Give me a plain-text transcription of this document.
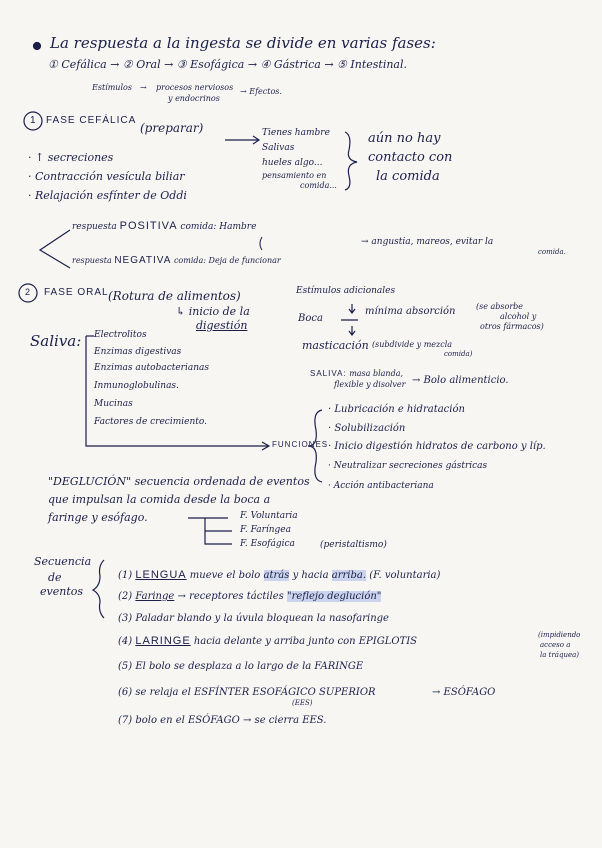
La respuesta a la ingesta se divide en varias fases:
① Cefálica → ② Oral → ③ Esofágica → ④ Gástrica → ⑤ Intestinal.
Estímulos → procesos nerviosos
y endocrinos
→ Efectos.
1 FASE CEFÁLICA
(preparar)	Tienes hambre
Salivas
hueles algo...
pensamiento en
comida...
aún no hay
contacto con
la comida
· ↑ secreciones
· Contracción vesícula biliar
· Relajación esfínter de Oddi
respuesta POSITIVA comida: Hambre
respuesta NEGATIVA comida: Deja de funcionar
→ angustia, mareos, evitar la
comida.
2 FASE ORAL (Rotura de alimentos)
↳ inicio de la
digestión
Estímulos adicionales
Boca
mínima absorción	(se absorbe
alcohol y
otros fármacos)
masticación (subdivide y mezcla
comida)
SALIVA: masa blanda,
flexible y disolver → Bolo alimenticio.
Saliva: Electrolitos
Enzimas digestivas
Enzimas autobacterianas
Inmunoglobulinas.
Mucinas
Factores de crecimiento.
FUNCIONES
· Lubricación e hidratación
· Solubilización
· Inicio digestión hidratos de carbono y líp.
· Neutralizar secreciones gástricas
· Acción antibacteriana
"DEGLUCIÓN" secuencia ordenada de eventos
que impulsan la comida desde la boca a
faringe y esófago.	F. Voluntaria
F. Faríngea
F. Esofágica	(peristaltismo)
Secuencia
de
eventos
(1) LENGUA mueve el bolo atrás y hacia arriba. (F. voluntaria)
(2) Faringe → receptores táctiles "reflejo deglución"
(3) Paladar blando y la úvula bloquean la nasofaringe
(4) LARINGE hacia delante y arriba junto con EPIGLOTIS
(impidiendo
acceso a
la tráquea)
(5) El bolo se desplaza a lo largo de la FARINGE
(6) se relaja el ESFÍNTER ESOFÁGICO SUPERIOR
(EES)
→ ESÓFAGO
(7) bolo en el ESÓFAGO → se cierra EES.
